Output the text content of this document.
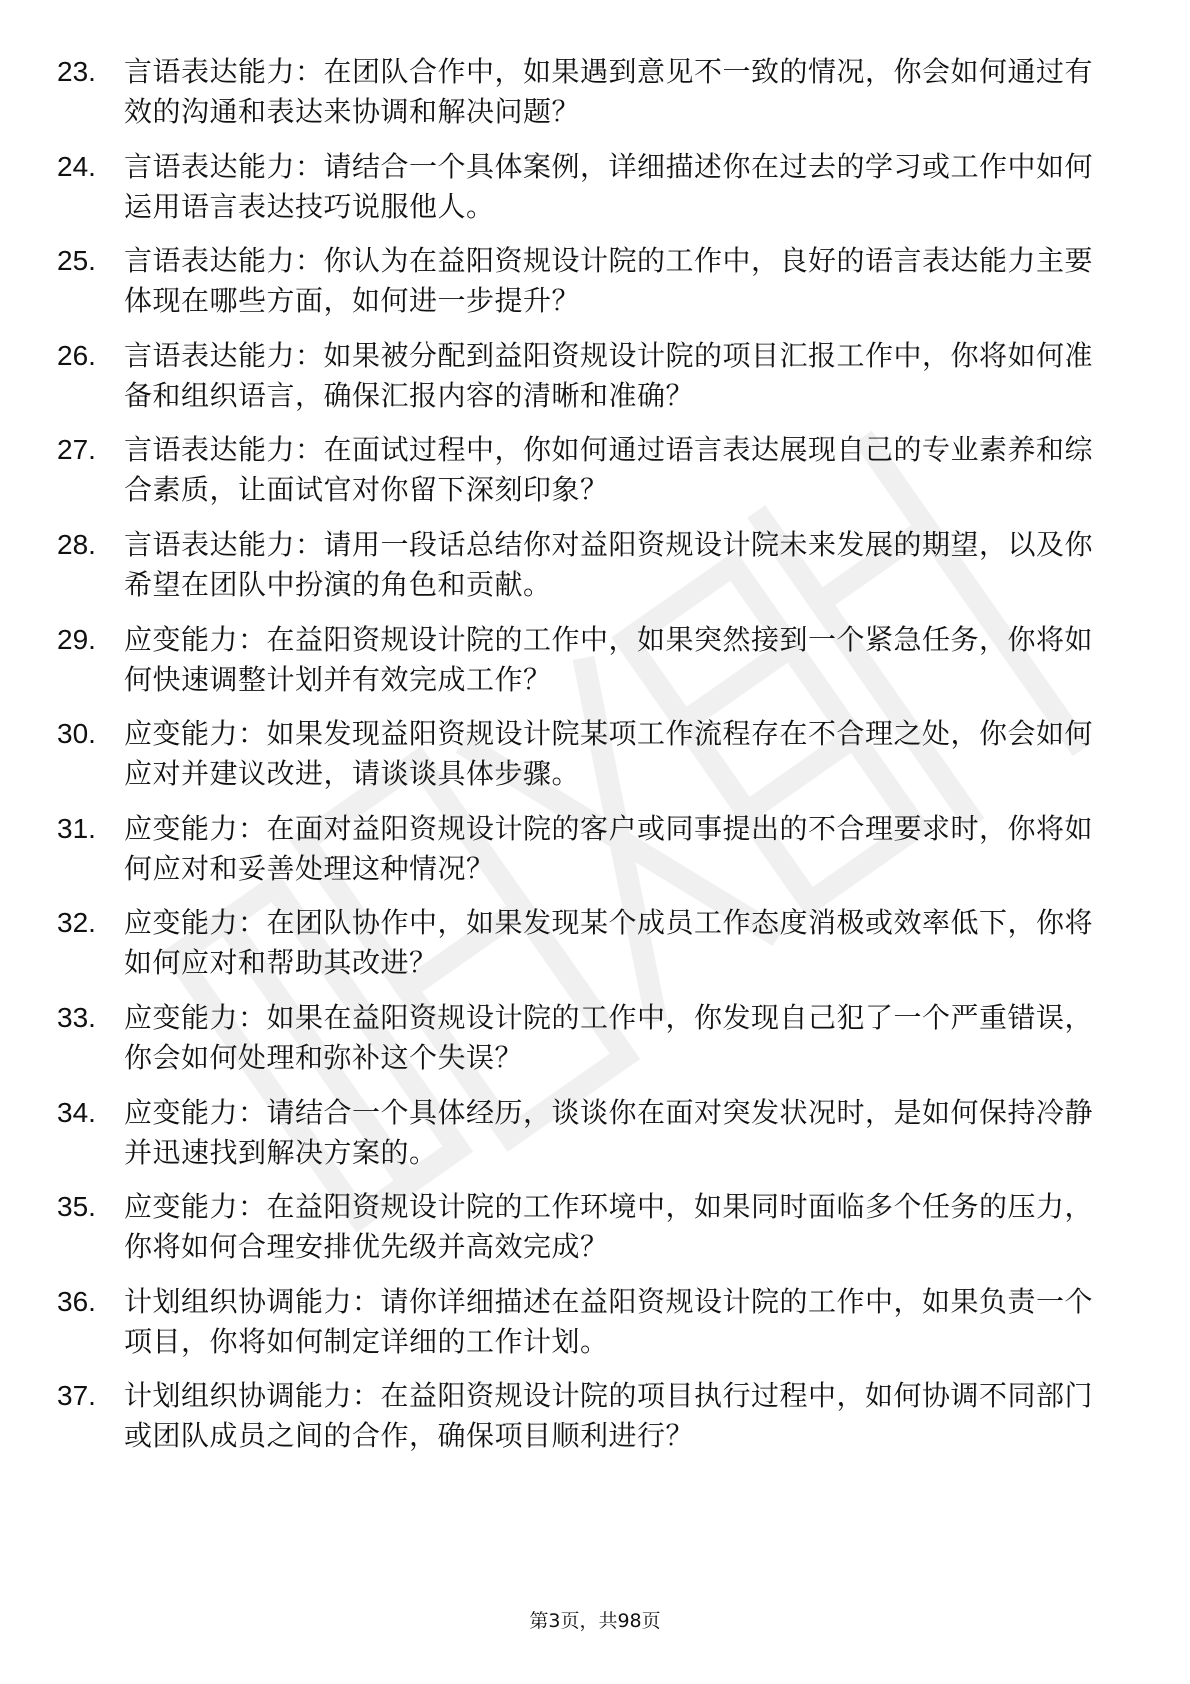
23.	言语表达能力：在团队合作中，如果遇到意见不一致的情况，你会如何通过有效的沟通和表达来协调和解决问题？

24.	言语表达能力：请结合一个具体案例，详细描述你在过去的学习或工作中如何运用语言表达技巧说服他人。

25.	言语表达能力：你认为在益阳资规设计院的工作中，良好的语言表达能力主要体现在哪些方面，如何进一步提升？

26.	言语表达能力：如果被分配到益阳资规设计院的项目汇报工作中，你将如何准备和组织语言，确保汇报内容的清晰和准确？

27.	言语表达能力：在面试过程中，你如何通过语言表达展现自己的专业素养和综合素质，让面试官对你留下深刻印象？

28.	言语表达能力：请用一段话总结你对益阳资规设计院未来发展的期望，以及你希望在团队中扮演的角色和贡献。

29.	应变能力：在益阳资规设计院的工作中，如果突然接到一个紧急任务，你将如何快速调整计划并有效完成工作？

30.	应变能力：如果发现益阳资规设计院某项工作流程存在不合理之处，你会如何应对并建议改进，请谈谈具体步骤。

31.	应变能力：在面对益阳资规设计院的客户或同事提出的不合理要求时，你将如何应对和妥善处理这种情况？

32.	应变能力：在团队协作中，如果发现某个成员工作态度消极或效率低下，你将如何应对和帮助其改进？

33.	应变能力：如果在益阳资规设计院的工作中，你发现自己犯了一个严重错误，你会如何处理和弥补这个失误？

34.	应变能力：请结合一个具体经历，谈谈你在面对突发状况时，是如何保持冷静并迅速找到解决方案的。

35.	应变能力：在益阳资规设计院的工作环境中，如果同时面临多个任务的压力，你将如何合理安排优先级并高效完成？

36.	计划组织协调能力：请你详细描述在益阳资规设计院的工作中，如果负责一个项目，你将如何制定详细的工作计划。

37.	计划组织协调能力：在益阳资规设计院的项目执行过程中，如何协调不同部门或团队成员之间的合作，确保项目顺利进行？

第3页，共98页
